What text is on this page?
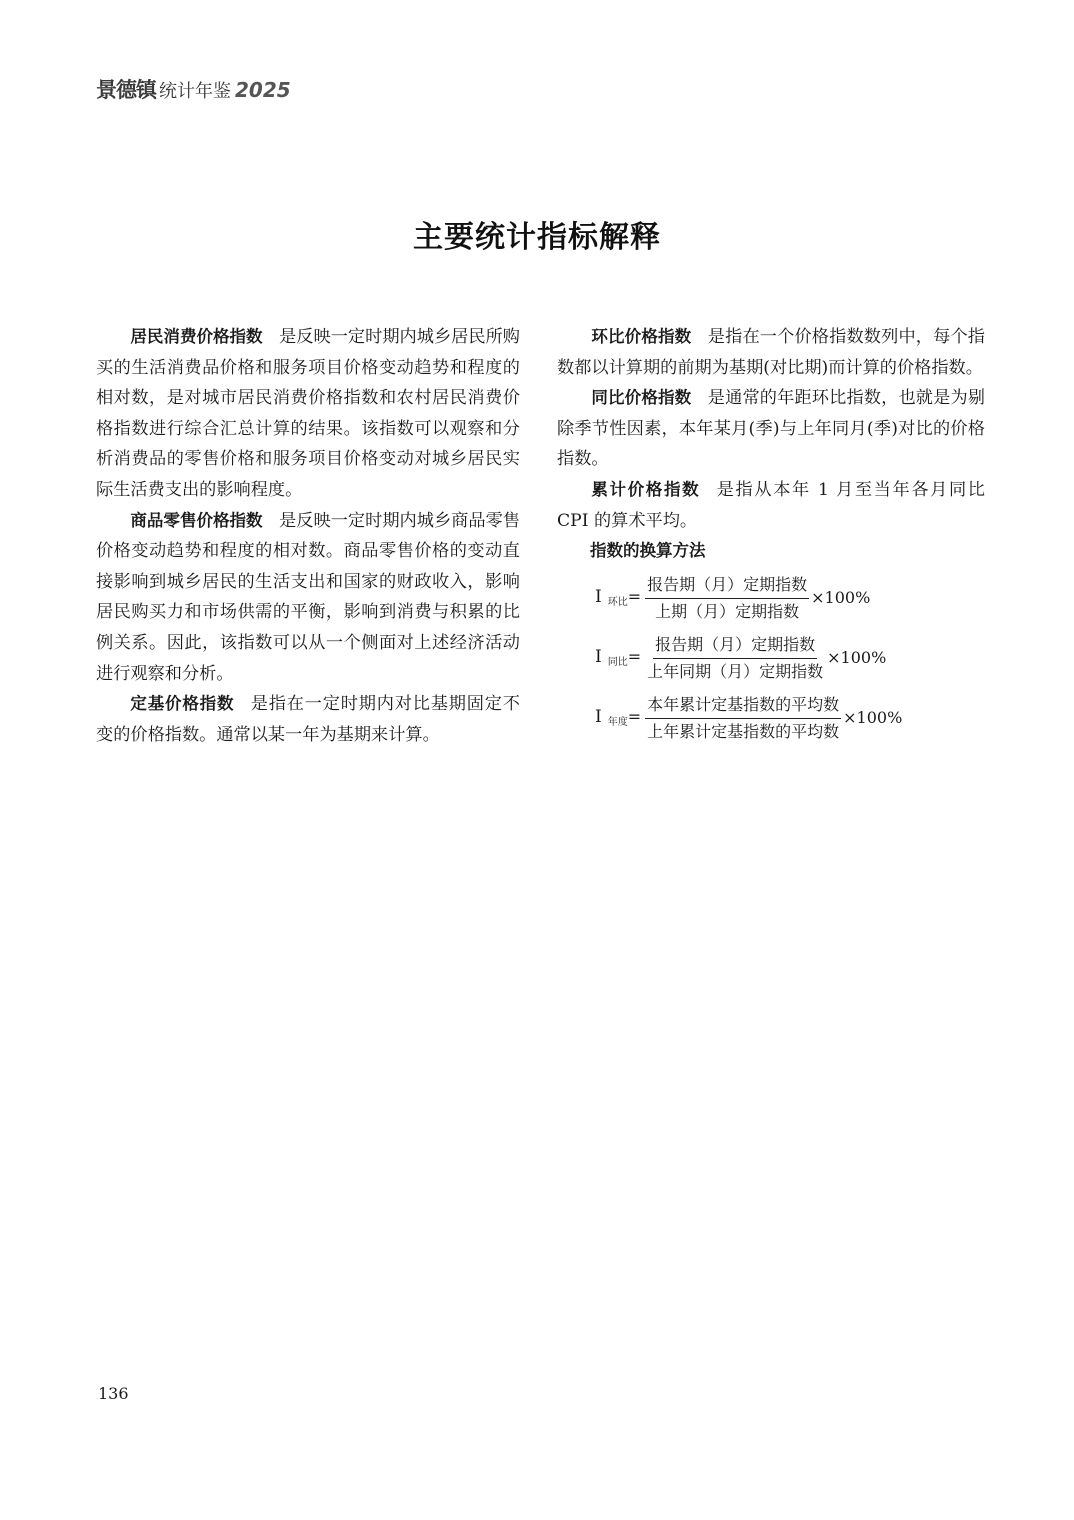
景德镇 统计年鉴 2025
主要统计指标解释

居民消费价格指数 是反映一定时期内城乡居民所购买的生活消费品价格和服务项目价格变动趋势和程度的相对数，是对城市居民消费价格指数和农村居民消费价格指数进行综合汇总计算的结果。该指数可以观察和分析消费品的零售价格和服务项目价格变动对城乡居民实际生活费支出的影响程度。

商品零售价格指数 是反映一定时期内城乡商品零售价格变动趋势和程度的相对数。商品零售价格的变动直接影响到城乡居民的生活支出和国家的财政收入，影响居民购买力和市场供需的平衡，影响到消费与积累的比例关系。因此，该指数可以从一个侧面对上述经济活动进行观察和分析。

定基价格指数 是指在一定时期内对比基期固定不变的价格指数。通常以某一年为基期来计算。

环比价格指数 是指在一个价格指数数列中，每个指数都以计算期的前期为基期(对比期)而计算的价格指数。

同比价格指数 是通常的年距环比指数，也就是为剔除季节性因素，本年某月(季)与上年同月(季)对比的价格指数。

累计价格指数 是指从本年 1 月至当年各月同比 CPI 的算术平均。

指数的换算方法
I 环比 = $\frac{\text{报告期（月）定期指数}}{\text{上期（月）定期指数}} \times 100\%$
I 同比 = $\frac{\text{报告期（月）定期指数}}{\text{上年同期（月）定期指数}} \times 100\%$
I 年度 = $\frac{\text{本年累计定基指数的平均数}}{\text{上年累计定基指数的平均数}} \times 100\%$
136
